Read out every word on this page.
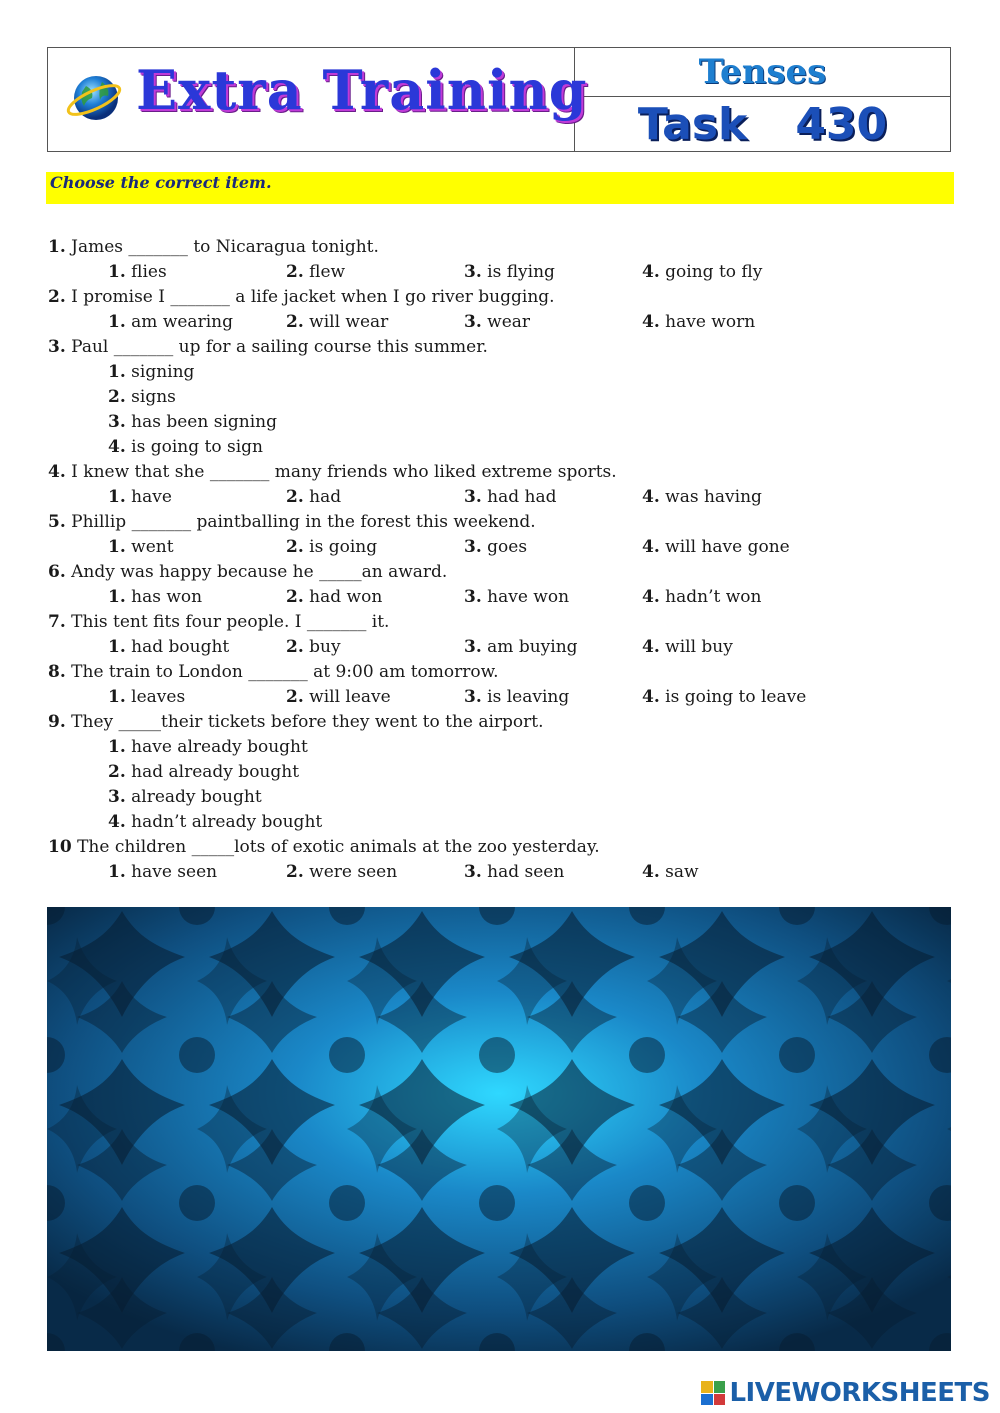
Extra Training	Tenses
Task 430
Choose the correct item.
1. James _______ to Nicaragua tonight.
1. flies	2. flew	3. is flying	4. going to fly
2. I promise I _______ a life jacket when I go river bugging.
1. am wearing	2. will wear	3. wear	4. have worn
3. Paul _______ up for a sailing course this summer.
1. signing
2. signs
3. has been signing
4. is going to sign
4. I knew that she _______ many friends who liked extreme sports.
1. have	2. had	3. had had	4. was having
5. Phillip _______ paintballing in the forest this weekend.
1. went	2. is going	3. goes	4. will have gone
6. Andy was happy because he _____an award.
1. has won	2. had won	3. have won	4. hadn’t won
7. This tent fits four people. I _______ it.
1. had bought	2. buy	3. am buying	4. will buy
8. The train to London _______ at 9:00 am tomorrow.
1. leaves	2. will leave	3. is leaving	4. is going to leave
9. They _____their tickets before they went to the airport.
1. have already bought
2. had already bought
3. already bought
4. hadn’t already bought
10 The children _____lots of exotic animals at the zoo yesterday.
1. have seen	2. were seen	3. had seen	4. saw
LIVEWORKSHEETS
